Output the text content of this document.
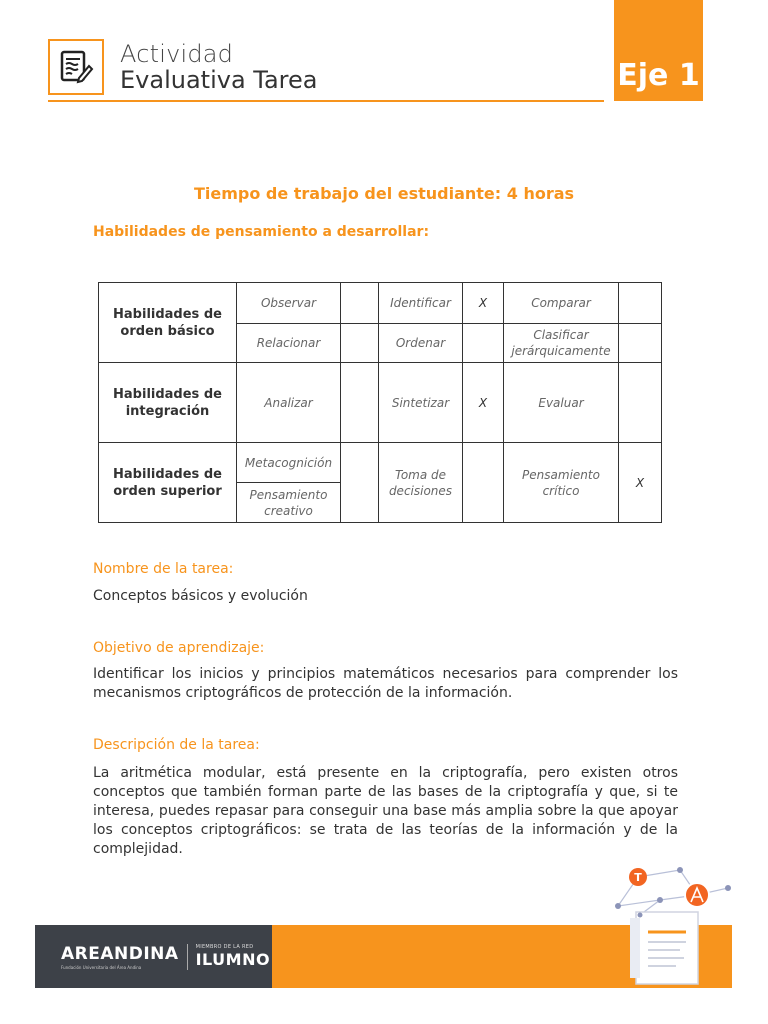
Actividad
Evaluativa Tarea	Eje 1
Tiempo de trabajo del estudiante: 4 horas
Habilidades de pensamiento a desarrollar:
Habilidades de orden básico	Observar		Identificar	X	Comparar	
	Relacionar		Ordenar		Clasificar jerárquicamente	
Habilidades de integración	Analizar		Sintetizar	X	Evaluar	
Habilidades de orden superior	Metacognición		Toma de decisiones		Pensamiento crítico	X
	Pensamiento creativo					
Nombre de la tarea:
Conceptos básicos y evolución
Objetivo de aprendizaje:
Identificar los inicios y principios matemáticos necesarios para comprender los mecanismos criptográficos de protección de la información.
Descripción de la tarea:
La aritmética modular, está presente en la criptografía, pero existen otros conceptos que también forman parte de las bases de la criptografía y que, si te interesa, puedes repasar para conseguir una base más amplia sobre la que apoyar los conceptos criptográficos: se trata de las teorías de la información y de la complejidad.
AREANDINA
Fundación Universitaria del Área Andina
MIEMBRO DE LA RED
ILUMNO
T
